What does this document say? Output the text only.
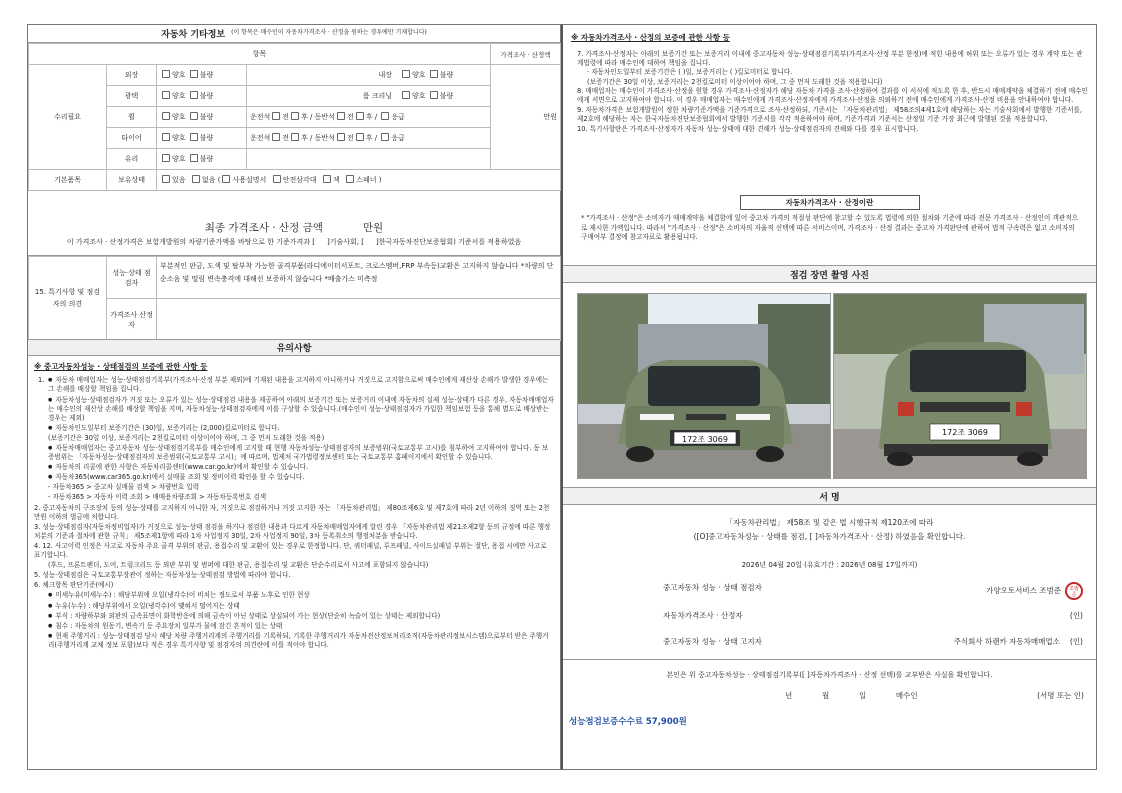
자동차 기타정보 (이 항목은 매수인이 자동차가격조사 · 산정을 원하는 경우에만 기재합니다)
항목				가격조사 · 산정액
수리필요	외장	양호 불량	내장 양호 불량	만원
	광택	양호 불량	룸 크리닝 양호 불량	
	휠	양호 불량	운전석 전 후 / 동반석 전 후 / 응급	
	타이어	양호 불량	운전석 전 후 / 동반석 전 후 / 응급	
	유리	양호 불량		
기본품목	보유상태	있음 없음 ( 사용설명서 안전삼각대 잭 스패너 )		
최종 가격조사 · 산정 금액	만원
이 가격조사 · 산정가격은 보험개발원의 차량기준가액을 바탕으로 한 기준가격과 [ ]기술사회, [ ]한국자동차진단보증협회) 기준서를 적용하였음
15. 특기사항 및 점검자의 의견	성능·상태 점검자	부분적인 판금, 도색 및 탈부착 가능한 골격부품(라디에이터서포트, 크로스멤버,FRP 부속등)교환은 고지하지 않습니다 *차량의 단순소음 및 떨림 변속충격에 대해선 보증하지 않습니다 *배출가스 미측정
	가격조사 산정자	
유의사항
※ 중고자동차성능 · 상태점검의 보증에 관한 사항 등
1.	● 자동차 매매업자는 성능·상태점검기록부(가격조사·산정 부분 제외)에 기재된 내용을 고지하지 아니하거나 거짓으로 고지함으로써 매수인에게 재산상 손해가 발생한 경우에는 그 손해를 배상할 책임을 집니다.
● 자동차성능·상태점검자가 거짓 또는 오류가 있는 성능·상태점검 내용을 제공하여 아래의 보증기간 또는 보증거리 이내에 자동차의 실제 성능·상태가 다른 경우, 자동차매매업자는 매수인의 재산상 손해를 배상할 책임을 지며, 자동차성능·상태점검자에게 이를 구상할 수 있습니다.(매수인이 성능·상태점검자가 가입한 책임보험 등을 통해 별도로 배상받는 경우는 제외)
● 자동차인도일부터 보증기간은 (30)일, 보증거리는 (2,000)킬로미터로 합니다.
(보증기간은 30일 이상, 보증거리는 2천킬로미터 이상이어야 하며, 그 중 먼저 도래한 것을 적용)
● 자동차매매업자는 중고자동차 성능·상태점검기록부를 매수인에게 고지할 때 현행 자동차성능·상태점검자의 보증범위(국토교통부 고시)를 첨부하여 고지하여야 합니다. 동 보증범위는 「자동차성능·상태점검자의 보증범위(국토교통부 고시)」에 따르며, 법제처 국가법령정보센터 또는 국토교통부 홈페이지에서 확인할 수 있습니다.
● 자동차의 리콜에 관한 사항은 자동차리콜센터(www.car.go.kr)에서 확인할 수 있습니다.
● 자동차365(www.car365.go.kr)에서 실매물 조회 및 정비이력 확인을 할 수 있습니다.
- 자동차365 > 중고차 실매물 검색 > 차량번호 입력
- 자동차365 > 자동차 이력 조회 > 매매용차량조회 > 자동차등록번호 검색
2. 중고자동차의 구조장치 등의 성능·상태를 고지하지 아니한 자, 거짓으로 점검하거나 거짓 고지한 자는 「자동차관리법」 제80조제6호 및 제7호에 따라 2년 이하의 징역 또는 2천만원 이하의 벌금에 처합니다.
3. 성능·상태점검자(자동차정비업자)가 거짓으로 성능·상태 점검을 하거나 점검한 내용과 다르게 자동차매매업자에게 알린 경우 「자동차관리법 제21조제2항 등의 규정에 따른 행정처분의 기준과 절차에 관한 규칙」 제5조제1항에 따라 1차 사업정지 30일, 2차 사업정지 90일, 3차 등록취소의 행정처분을 받습니다.
4. 12. 사고이력 인정은 사고로 자동차 주요 골격 부위의 판금, 용접수리 및 교환이 있는 경우로 한정합니다. 단, 쿼터패널, 루프패널, 사이드실패널 부위는 절단, 용접 시에만 사고로 표기합니다.
(후드, 프론트펜더, 도어, 트렁크리드 등 외판 부위 및 범퍼에 대한 판금, 용접수리 및 교환은 단순수리로서 사고에 포함되지 않습니다)
5. 성능·상태점검은 국토교통부장관이 정하는 자동차성능·상태점검 방법에 따라야 합니다.
6. 체크항목 판단기준(예시)
● 미세누유(미세누수) : 해당부위에 오일(냉각수)이 비치는 정도로서 부품 노후로 인한 현상
● 누유(누수) : 해당부위에서 오일(냉각수)이 맺혀서 떨어지는 상태
● 부식 : 차량하부와 외판의 금속표면이 화학반응에 의해 금속이 아닌 상태로 상실되어 가는 현상(단순히 녹슬어 있는 상태는 제외합니다)
● 침수 : 자동차의 원동기, 변속기 등 주요장치 일부가 물에 잠긴 흔적이 있는 상태
● 현재 주행거리 : 성능·상태점검 당시 해당 차량 주행거리계의 주행거리를 기록하되, 기록한 주행거리가 자동차전산정보처리조직(자동차관리정보시스템)으로부터 받은 주행거리(주행거리계 교체 정보 포함)보다 적은 경우 특기사항 및 점검자의 의견란에 이를 적어야 합니다.
※ 자동차가격조사 · 산정의 보증에 관한 사항 등
7. 가격조사·산정자는 아래의 보증기간 또는 보증거리 이내에 중고자동차 성능·상태점검기록부(가격조사·산정 부분 한정)에 적힌 내용에 허위 또는 오류가 있는 경우 계약 또는 관계법령에 따라 매수인에 대하여 책임을 집니다.
· 자동차인도일부터 보증기간은 ( )일, 보증거리는 ( )킬로미터로 합니다.
(보증기간은 30일 이상, 보증거리는 2천킬로미터 이상이어야 하며, 그 중 먼저 도래한 것을 적용합니다)
8. 매매업자는 매수인이 가격조사·산정을 원할 경우 가격조사·산정자가 해당 자동차 가격을 조사·산정하여 결과를 이 서식에 적도록 한 후, 반드시 매매계약을 체결하기 전에 매수인에게 서면으로 고지하여야 합니다. 이 경우 매매업자는 매수인에게 가격조사·산정자에게 가격조사·산정을 의뢰하기 전에 매수인에게 가격조사·산정 비용을 안내하여야 합니다.
9. 자동차가격은 보험개발원이 정한 차량기준가액을 기준가격으로 조사·산정하되, 기준서는 「자동차관리법」 제58조의4제1호에 해당하는 자는 기술사회에서 발행한 기준서를, 제2호에 해당하는 자는 한국자동차진단보증협회에서 발행한 기준서를 각각 적용하여야 하며, 기준가격과 기준서는 산정일 기준 가장 최근에 발행된 것을 적용합니다.
10. 특기사항란은 가격조사·산정자가 자동차 성능·상태에 대한 견해가 성능·상태점검자의 견해와 다를 경우 표시합니다.
자동차가격조사 · 산정이란
* "가격조사 · 산정"은 소비자가 매매계약을 체결함에 있어 중고차 가격의 적절성 판단에 참고할 수 있도록 법령에 의한 절차와 기준에 따라 전문 가격조사 · 산정인이 객관적으로 제시한 가액입니다. 따라서 "가격조사 · 산정"은 소비자의 자율적 선택에 따른 서비스이며, 가격조사 · 산정 결과는 중고차 가격판단에 관하여 법적 구속력은 없고 소비자의 구매여부 결정에 참고자료로 활용됩니다.
점검 장면 촬영 사진
172조 3069
172조 3069
서 명
「자동차관리법」 제58조 및 같은 법 시행규칙 제120조에 따라
([O]중고자동차성능 · 상태를 점검, [ ]자동차가격조사 · 산정) 하였음을 확인합니다.
2026년 04월 20일 (유효기간 : 2026년 08월 17일까지)
중고자동차 성능 · 상태 점검자	가양오토서비스 조범준 조범준
자동차가격조사 · 산정자	(인)
중고자동차 성능 · 상태 고지자	주식회사 하랜카 자동차매매업소 (인)
본인은 위 중고자동차성능 · 상태점검기록부([ ]자동차가격조사 · 산정 선택)를 교부받은 사실을 확인합니다.
년	월	일	매수인	(서명 또는 인)
성능점검보증수수료 57,900원
